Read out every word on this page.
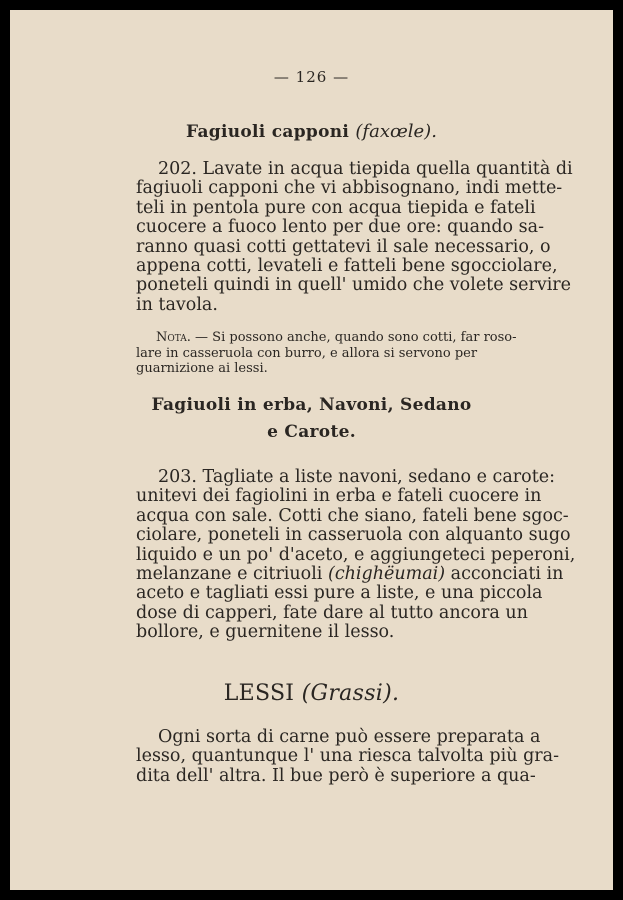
— 126 —
Fagiuoli capponi (faxœle).
202. Lavate in acqua tiepida quella quantità di
fagiuoli capponi che vi abbisognano, indi mette-
teli in pentola pure con acqua tiepida e fateli
cuocere a fuoco lento per due ore: quando sa-
ranno quasi cotti gettatevi il sale necessario, o
appena cotti, levateli e fatteli bene sgocciolare,
poneteli quindi in quell' umido che volete servire
in tavola.
Nota. — Si possono anche, quando sono cotti, far roso-
lare in casseruola con burro, e allora si servono per
guarnizione ai lessi.
Fagiuoli in erba, Navoni, Sedano
e Carote.
203. Tagliate a liste navoni, sedano e carote:
unitevi dei fagiolini in erba e fateli cuocere in
acqua con sale. Cotti che siano, fateli bene sgoc-
ciolare, poneteli in casseruola con alquanto sugo
liquido e un po' d'aceto, e aggiungeteci peperoni,
melanzane e citriuoli (chighëumai) acconciati in
aceto e tagliati essi pure a liste, e una piccola
dose di capperi, fate dare al tutto ancora un
bollore, e guernitene il lesso.
LESSI (Grassi).
Ogni sorta di carne può essere preparata a
lesso, quantunque l' una riesca talvolta più gra-
dita dell' altra. Il bue però è superiore a qua-
